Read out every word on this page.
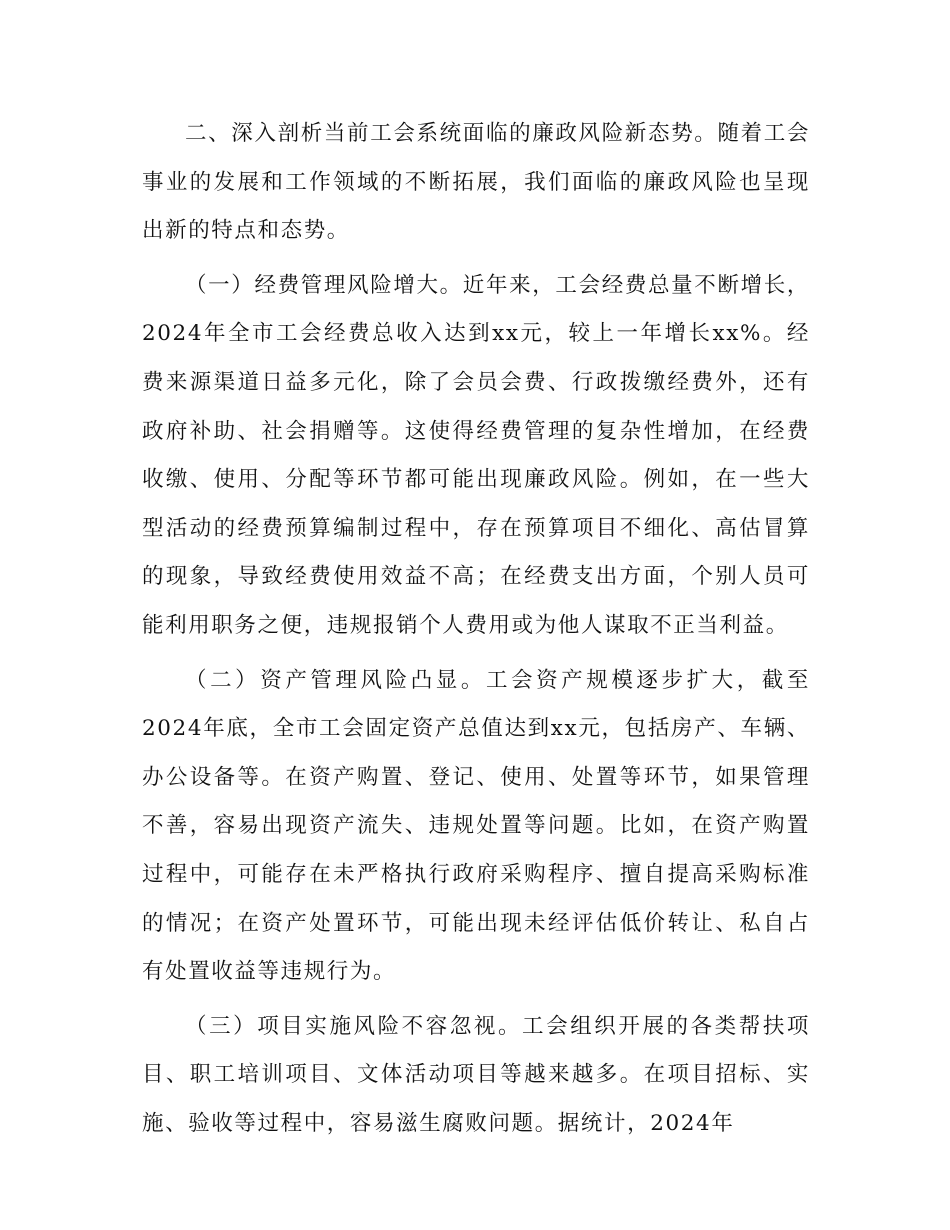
二、深入剖析当前工会系统面临的廉政风险新态势。随着工会事业的发展和工作领域的不断拓展，我们面临的廉政风险也呈现出新的特点和态势。

（一）经费管理风险增大。近年来，工会经费总量不断增长，2024年全市工会经费总收入达到xx元，较上一年增长xx%。经费来源渠道日益多元化，除了会员会费、行政拨缴经费外，还有政府补助、社会捐赠等。这使得经费管理的复杂性增加，在经费收缴、使用、分配等环节都可能出现廉政风险。例如，在一些大型活动的经费预算编制过程中，存在预算项目不细化、高估冒算的现象，导致经费使用效益不高；在经费支出方面，个别人员可能利用职务之便，违规报销个人费用或为他人谋取不正当利益。

（二）资产管理风险凸显。工会资产规模逐步扩大，截至2024年底，全市工会固定资产总值达到xx元，包括房产、车辆、办公设备等。在资产购置、登记、使用、处置等环节，如果管理不善，容易出现资产流失、违规处置等问题。比如，在资产购置过程中，可能存在未严格执行政府采购程序、擅自提高采购标准的情况；在资产处置环节，可能出现未经评估低价转让、私自占有处置收益等违规行为。

（三）项目实施风险不容忽视。工会组织开展的各类帮扶项目、职工培训项目、文体活动项目等越来越多。在项目招标、实施、验收等过程中，容易滋生腐败问题。据统计，2024年
